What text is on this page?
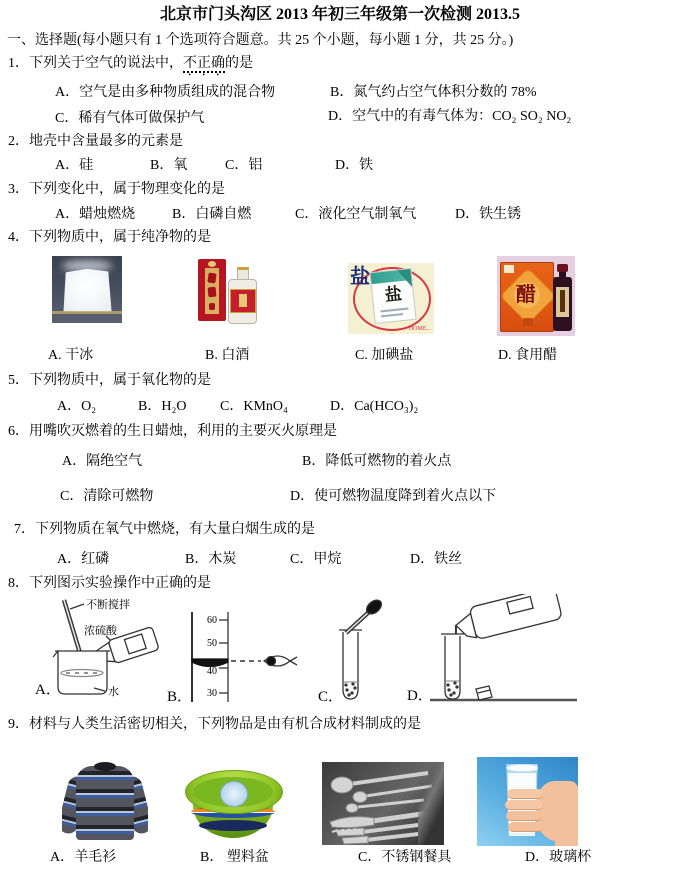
北京市门头沟区 2013 年初三年级第一次检测 2013.5
一、选择题(每小题只有 1 个选项符合题意。共 25 个小题，每小题 1 分，共 25 分。)
1．下列关于空气的说法中，不正确的是
A．空气是由多种物质组成的混合物	B．氮气约占空气体积分数的 78%
C．稀有气体可做保护气	D．空气中的有毒气体为：CO₂ SO₂ NO₂
2．地壳中含量最多的元素是
A．硅	B．氧	C．铝	D．铁
3．下列变化中，属于物理变化的是
A．蜡烛燃烧	B．白磷自燃	C．液化空气制氧气	D．铁生锈
4．下列物质中，属于纯净物的是
盐
盐
HOME...
醋
A. 干冰	B. 白酒	C. 加碘盐	D. 食用醋
5．下列物质中，属于氧化物的是
A．O₂	B．H₂O C．KMnO₄	D．Ca(HCO₃)₂
6．用嘴吹灭燃着的生日蜡烛，利用的主要灭火原理是
A．隔绝空气	B．降低可燃物的着火点
C．清除可燃物	D．使可燃物温度降到着火点以下
7．下列物质在氧气中燃烧，有大量白烟生成的是
A．红磷	B．木炭	C．甲烷	D．铁丝
8．下列图示实验操作中正确的是
不断搅拌
浓硫酸
水
A．
60
50
40
30
B．	C．	D．
9．材料与人类生活密切相关，下列物品是由有机合成材料制成的是
A．羊毛衫	B． 塑料盆	C．不锈钢餐具	D．玻璃杯
